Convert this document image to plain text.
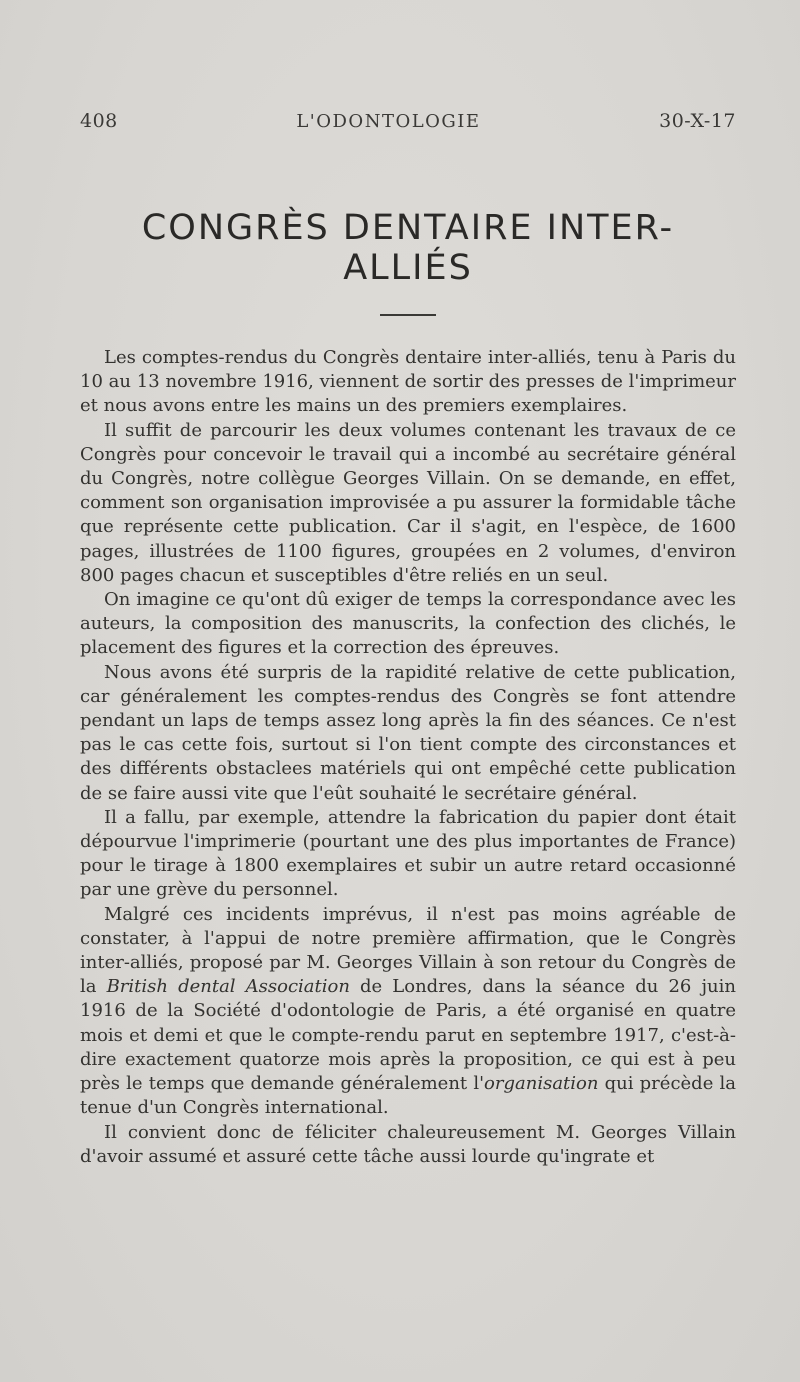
408	L'ODONTOLOGIE	30-X-17
CONGRÈS DENTAIRE INTER-ALLIÉS

Les comptes-rendus du Congrès dentaire inter-alliés, tenu à Paris du 10 au 13 novembre 1916, viennent de sortir des presses de l'imprimeur et nous avons entre les mains un des premiers exemplaires.

Il suffit de parcourir les deux volumes contenant les travaux de ce Congrès pour concevoir le travail qui a incombé au secrétaire général du Congrès, notre collègue Georges Villain. On se demande, en effet, comment son organisation improvisée a pu assurer la formidable tâche que représente cette publication. Car il s'agit, en l'espèce, de 1600 pages, illustrées de 1100 figures, groupées en 2 volumes, d'environ 800 pages chacun et susceptibles d'être reliés en un seul.

On imagine ce qu'ont dû exiger de temps la correspondance avec les auteurs, la composition des manuscrits, la confection des clichés, le placement des figures et la correction des épreuves.

Nous avons été surpris de la rapidité relative de cette publication, car généralement les comptes-rendus des Congrès se font attendre pendant un laps de temps assez long après la fin des séances. Ce n'est pas le cas cette fois, surtout si l'on tient compte des circonstances et des différents obstaclees matériels qui ont empêché cette publication de se faire aussi vite que l'eût souhaité le secrétaire général.

Il a fallu, par exemple, attendre la fabrication du papier dont était dépourvue l'imprimerie (pourtant une des plus importantes de France) pour le tirage à 1800 exemplaires et subir un autre retard occasionné par une grève du personnel.

Malgré ces incidents imprévus, il n'est pas moins agréable de constater, à l'appui de notre première affirmation, que le Congrès inter-alliés, proposé par M. Georges Villain à son retour du Congrès de la British dental Association de Londres, dans la séance du 26 juin 1916 de la Société d'odontologie de Paris, a été organisé en quatre mois et demi et que le compte-rendu parut en septembre 1917, c'est-à-dire exactement quatorze mois après la proposition, ce qui est à peu près le temps que demande généralement l'organisation qui précède la tenue d'un Congrès international.

Il convient donc de féliciter chaleureusement M. Georges Villain d'avoir assumé et assuré cette tâche aussi lourde qu'ingrate et
